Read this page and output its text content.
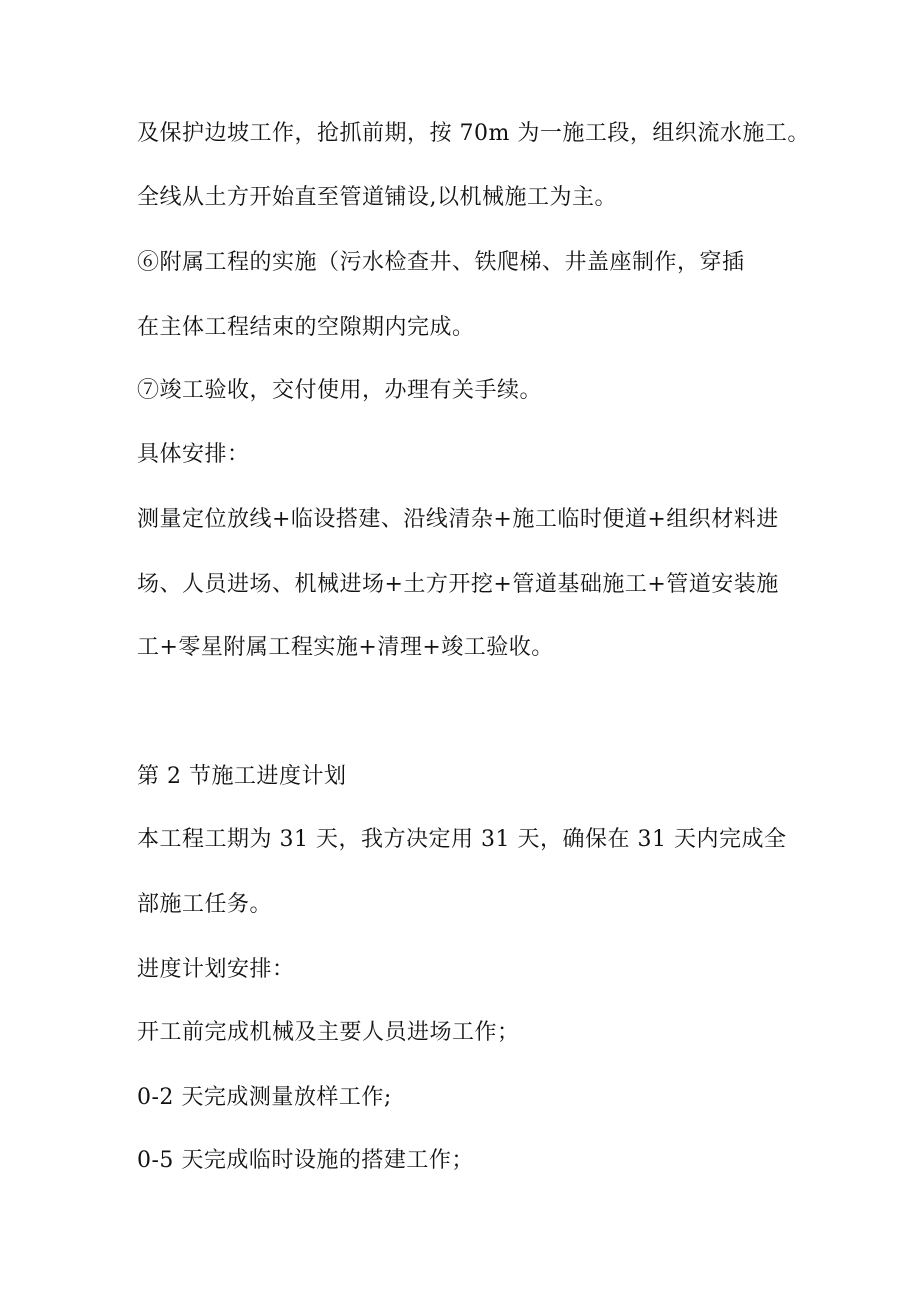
及保护边坡工作，抢抓前期，按 70m 为一施工段，组织流水施工。
全线从土方开始直至管道铺设,以机械施工为主。
⑥附属工程的实施（污水检查井、铁爬梯、井盖座制作，穿插
在主体工程结束的空隙期内完成。
⑦竣工验收，交付使用，办理有关手续。
具体安排：
测量定位放线+临设搭建、沿线清杂+施工临时便道+组织材料进
场、人员进场、机械进场+土方开挖+管道基础施工+管道安装施
工+零星附属工程实施+清理+竣工验收。
第 2 节施工进度计划
本工程工期为 31 天，我方决定用 31 天，确保在 31 天内完成全
部施工任务。
进度计划安排：
开工前完成机械及主要人员进场工作；
0-2 天完成测量放样工作;
0-5 天完成临时设施的搭建工作；
